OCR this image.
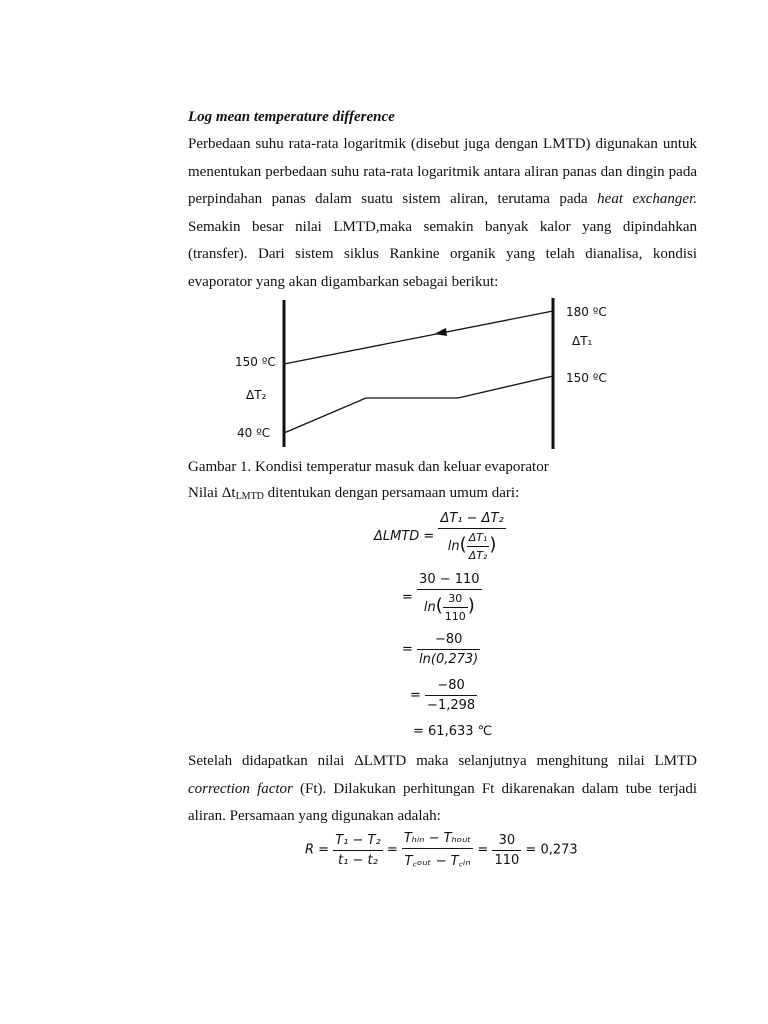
Log mean temperature difference
Perbedaan suhu rata-rata logaritmik (disebut juga dengan LMTD) digunakan untuk
menentukan perbedaan suhu rata-rata logaritmik antara aliran panas dan dingin pada
perpindahan panas dalam suatu sistem aliran, terutama pada heat exchanger.
Semakin besar nilai LMTD,maka semakin banyak kalor yang dipindahkan
(transfer). Dari sistem siklus Rankine organik yang telah dianalisa, kondisi
evaporator yang akan digambarkan sebagai berikut:
180 ºC
ΔT₁
150 ºC
150 ºC
ΔT₂
40 ºC
Gambar 1. Kondisi temperatur masuk dan keluar evaporator
Nilai $\Delta t_{LMTD}$ ditentukan dengan persamaan umum dari:
ΔLMTD = $\frac{\text{ΔT₁ − ΔT₂}}{\ln( \frac{\text{ΔT₁}}{\text{ΔT₂}} )}$
= $\frac{30 - 110}{\ln( \frac{30}{110} )}$
= $\frac{-80}{\ln(0,273)}$
= $\frac{-80}{-1,298}$
= 61,633 ℃
Setelah didapatkan nilai ΔLMTD maka selanjutnya menghitung nilai LMTD
correction factor (Ft). Dilakukan perhitungan Ft dikarenakan dalam tube terjadi
aliran. Persamaan yang digunakan adalah:
$R = \frac{\text{T₁ − T₂}}{\text{t₁ − t₂}} = \frac{\text{Tₕᵢₙ − Tₕₒᵤₜ}}{\text{T꜀ₒᵤₜ − T꜀ᵢₙ}} = \frac{30}{110} = 0,273$
